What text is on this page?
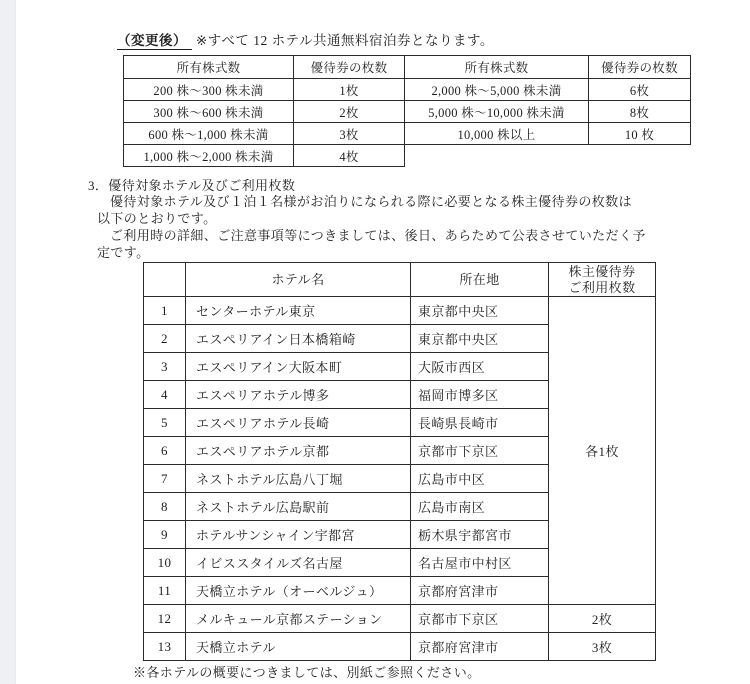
（変更後） ※すべて 12 ホテル共通無料宿泊券となります。
所有株式数	優待券の枚数	所有株式数	優待券の枚数
200 株～300 株未満	1枚	2,000 株～5,000 株未満	6枚
300 株～600 株未満	2枚	5,000 株～10,000 株未満	8枚
600 株～1,000 株未満	3枚	10,000 株以上	10 枚
1,000 株～2,000 株未満	4枚		
3．優待対象ホテル及びご利用枚数
優待対象ホテル及び１泊１名様がお泊りになられる際に必要となる株主優待券の枚数は
以下のとおりです。
ご利用時の詳細、ご注意事項等につきましては、後日、あらためて公表させていただく予
定です。
	ホテル名	所在地	株主優待券
ご利用枚数

1	センターホテル東京	東京都中央区	各1枚
2	エスペリアイン日本橋箱崎	東京都中央区	
3	エスペリアイン大阪本町	大阪市西区	
4	エスペリアホテル博多	福岡市博多区	
5	エスペリアホテル長崎	長崎県長崎市	
6	エスペリアホテル京都	京都市下京区	
7	ネストホテル広島八丁堀	広島市中区	
8	ネストホテル広島駅前	広島市南区	
9	ホテルサンシャイン宇都宮	栃木県宇都宮市	
10	イビススタイルズ名古屋	名古屋市中村区	
11	天橋立ホテル（オーベルジュ）	京都府宮津市	
12	メルキュール京都ステーション	京都市下京区	2枚
13	天橋立ホテル	京都府宮津市	3枚
※各ホテルの概要につきましては、別紙ご参照ください。
